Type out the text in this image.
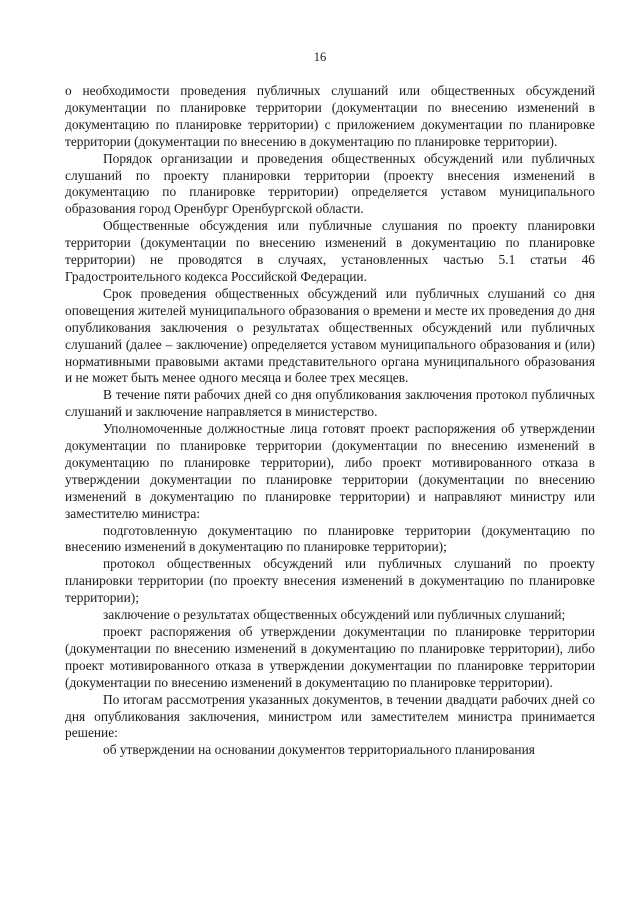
16

о необходимости проведения публичных слушаний или общественных обсуждений документации по планировке территории (документации по внесению изменений в документацию по планировке территории) с приложением документации по планировке территории (документации по внесению в документацию по планировке территории).

Порядок организации и проведения общественных обсуждений или публичных слушаний по проекту планировки территории (проекту внесения изменений в документацию по планировке территории) определяется уставом муниципального образования город Оренбург Оренбургской области.

Общественные обсуждения или публичные слушания по проекту планировки территории (документации по внесению изменений в документацию по планировке территории) не проводятся в случаях, установленных частью 5.1 статьи 46 Градостроительного кодекса Российской Федерации.

Срок проведения общественных обсуждений или публичных слушаний со дня оповещения жителей муниципального образования о времени и месте их проведения до дня опубликования заключения о результатах общественных обсуждений или публичных слушаний (далее – заключение) определяется уставом муниципального образования и (или) нормативными правовыми актами представительного органа муниципального образования и не может быть менее одного месяца и более трех месяцев.

В течение пяти рабочих дней со дня опубликования заключения протокол публичных слушаний и заключение направляется в министерство.

Уполномоченные должностные лица готовят проект распоряжения об утверждении документации по планировке территории (документации по внесению изменений в документацию по планировке территории), либо проект мотивированного отказа в утверждении документации по планировке территории (документации по внесению изменений в документацию по планировке территории) и направляют министру или заместителю министра:

подготовленную документацию по планировке территории (документацию по внесению изменений в документацию по планировке территории);

протокол общественных обсуждений или публичных слушаний по проекту планировки территории (по проекту внесения изменений в документацию по планировке территории);

заключение о результатах общественных обсуждений или публичных слушаний;

проект распоряжения об утверждении документации по планировке территории (документации по внесению изменений в документацию по планировке территории), либо проект мотивированного отказа в утверждении документации по планировке территории (документации по внесению изменений в документацию по планировке территории).

По итогам рассмотрения указанных документов, в течении двадцати рабочих дней со дня опубликования заключения, министром или заместителем министра принимается решение:

об утверждении на основании документов территориального планирования
